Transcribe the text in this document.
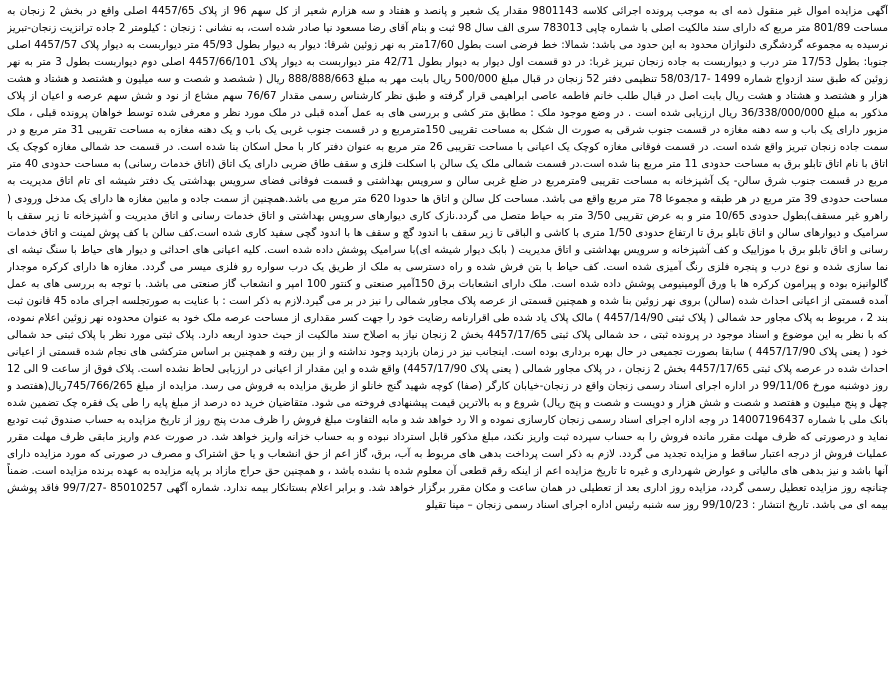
آگهی مزایده اموال غیر منقول ذمه ای به موجب پرونده اجرائی کلاسه 9801143 مقدار یک شعیر و پانصد و هفتاد و سه هزارم شعیر از کل سهم 96 از پلاک 4457/65 اصلی واقع در بخش 2 زنجان به مساحت 801/89 متر مربع که دارای سند مالکیت اصلی با شماره چاپی 783013 سری الف سال 98 ثبت و بنام آقای رضا مسعود نیا صادر شده است، به نشانی : زنجان : کیلومتر 2 جاده ترانزیت زنجان-تبریز نرسیده به مجموعه گردشگری دلنوازان محدود به این حدود می باشد: شمالا: خط فرضی است بطول 17/60متر به نهر زوئین شرقا: دیوار به دیوار بطول 45/93 متر دیواربست به دیوار پلاک 4457/57 اصلی جنوبا: بطول 17/53 متر درب و دیواربست به جاده زنجان تبریز غربا: در دو قسمت اول دیوار به دیوار بطول 42/71 متر دیواربست به دیوار پلاک 4457/66/101 اصلی دوم دیواربست بطول 3 متر به نهر زوئین که طبق سند ازدواج شماره 1499 -58/03/17 تنظیمی دفتر 52 زنجان در قبال مبلغ 500/000 ریال بابت مهر به مبلغ 888/888/663 ریال ( ششصد و شصت و سه میلیون و هشتصد و هشتاد و هشت هزار و هشتصد و هشتاد و هشت ریال بابت اصل در قبال طلب خانم فاطمه عاصی ابراهیمی قرار گرفته و طبق نظر کارشناس رسمی مقدار 76/67 سهم مشاع از نود و شش سهم عرصه و اعیان از پلاک مذکور به مبلغ 36/338/000/000 ریال ارزیابی شده است . در وضع موجود ملک : مطابق متر کشی و بررسی های به عمل آمده قبلی در ملک مورد نظر و معرفی شده توسط خواهان پرونده قبلی ، ملک مزبور دارای یک باب و سه دهنه مغازه در قسمت جنوب شرقی به صورت ال شکل به مساحت تقریبی 150مترمربع و در قسمت جنوب غربی یک باب و یک دهنه مغازه به مساحت تقریبی 31 متر مربع و در سمت جاده زنجان تبریز واقع شده است. در قسمت فوقانی مغازه کوچک یک اعیانی با مساحت تقریبی 26 متر مربع به عنوان دفتر کار با محل اسکان بنا شده است. در قسمت حد شمالی مغازه کوچک یک اتاق با نام اتاق تابلو برق به مساحت حدودی 11 متر مربع بنا شده است.در قسمت شمالی ملک یک سالن با اسکلت فلزی و سقف طاق ضربی دارای یک اتاق (اتاق خدمات رسانی) به مساحت حدودی 40 متر مربع در قسمت جنوب شرق سالن- یک آشپزخانه به مساحت تقریبی 9مترمربع در ضلع غربی سالن و سرویس بهداشتی و قسمت فوقانی فضای سرویس بهداشتی یک دفتر شیشه ای تام اتاق مدیریت به مساحت حدودی 39 متر مربع در هر طبقه و مجموعا 78 متر مربع واقع می باشد. مساحت کل سالن و اتاق ها حدودا 620 متر مربع می باشد.همچنین از سمت جاده و مابین مغازه ها دارای یک مدخل ورودی ( راهرو غیر مسقف)بطول حدودی 10/65 متر و به عرض تقریبی 3/50 متر به حیاط متصل می گردد.نازک کاری دیوارهای سرویس بهداشتی و اتاق خدمات رسانی و اتاق مدیریت و آشپزخانه تا زیر سقف با سرامیک و دیوارهای سالن و اتاق تابلو برق تا ارتفاع حدودی 1/50 متری با کاشی و الباقی تا زیر سقف با اندود گچ و سقف ها با اندود گچی سفید کاری شده است.کف سالن با کف پوش لمینت و اتاق خدمات رسانی و اتاق تابلو برق با موزاییک و کف آشپزخانه و سرویس بهداشتی و اتاق مدیریت ( بابک دیوار شیشه ای)با سرامیک پوشش داده شده است. کلیه اعیانی های احداثی و دیوار های حیاط با سنگ تیشه ای نما سازی شده و نوع درب و پنجره فلزی رنگ آمیزی شده است. کف حیاط با بتن فرش شده و راه دسترسی به ملک از طریق یک درب سواره رو فلزی میسر می گردد. مغازه ها دارای کرکره موجدار گالوانیزه بوده و پیرامون کرکره ها با ورق آلومینیومی پوشش داده شده است. ملک دارای انشعابات برق 150آمپر صنعتی و کنتور 100 امپر و انشعاب گاز صنعتی می باشد. با توجه به بررسی های به عمل آمده قسمتی از اعیانی احداث شده (سالن) بروی نهر زوئین بنا شده و همچنین قسمتی از عرصه پلاک مجاور شمالی را نیز در بر می گیرد.لازم به ذکر است : با عنایت به صورتجلسه اجرای ماده 45 قانون ثبت بند 2 ، مربوط به پلاک مجاور حد شمالی ( پلاک ثبتی 4457/14/90 ) مالک پلاک یاد شده طی اقرارنامه رضایت خود را جهت کسر مقداری از مساحت عرصه ملک خود به عنوان محدوده نهر زوئین اعلام نموده، که با نظر به این موضوع و اسناد موجود در پرونده ثبتی ، حد شمالی پلاک ثبتی 4457/17/65 بخش 2 زنجان نیاز به اصلاح سند مالکیت از حیث حدود اربعه دارد. پلاک ثبتی مورد نظر با پلاک ثبتی حد شمالی خود ( یعنی پلاک 4457/17/90 ) سابقا بصورت تجمیعی در حال بهره برداری بوده است. اینجانب نیز در زمان بازدید وجود نداشته و از بین رفته و همچنین بر اساس مترکشی های نجام شده قسمتی از اعیانی احداث شده در عرصه پلاک ثبتی 4457/17/65 بخش 2 زنجان ، در پلاک مجاور شمالی ( یعنی پلاک 4457/17/90) واقع شده و این مقدار از اعیانی در ارزیابی لحاظ نشده است. پلاک فوق از ساعت 9 الی 12 روز دوشنبه مورخ 99/11/06 در اداره اجرای اسناد رسمی زنجان واقع در زنجان-خیابان کارگر (صفا) کوچه شهید گنج خانلو از طریق مزایده به فروش می رسد. مزایده از مبلغ 745/766/265ریال(هفتصد و چهل و پنج میلیون و هفتصد و شصت و شش هزار و دویست و شصت و پنج ریال) شروع و به بالاترین قیمت پیشنهادی فروخته می شود. متقاضیان خرید ده درصد از مبلغ پایه را طی یک فقره چک تضمین شده بانک ملی با شماره 14007196437 در وجه اداره اجرای اسناد رسمی زنجان کارسازی نموده و الا رد خواهد شد و مابه التفاوت مبلغ فروش را ظرف مدت پنج روز از تاریخ مزایده به حساب صندوق ثبت تودیع نماید و درصورتی که ظرف مهلت مقرر مانده فروش را به حساب سپرده ثبت واریز نکند، مبلغ مذکور قابل استرداد نبوده و به حساب خزانه واریز خواهد شد. در صورت عدم واریز مابقی ظرف مهلت مقرر عملیات فروش از درجه اعتبار ساقط و مزایده تجدید می گردد. لازم به ذکر است پرداخت بدهی های مربوط به آب، برق، گاز اعم از حق انشعاب و یا حق اشتراک و مصرف در صورتی که مورد مزایده دارای آنها باشد و نیز بدهی های مالیاتی و عوارض شهرداری و غیره تا تاریخ مزایده اعم از اینکه رقم قطعی آن معلوم شده یا نشده باشد ، و همچنین حق حراج مازاد بر پایه مزایده به عهده برنده مزایده است. ضمناً چنانچه روز مزایده تعطیل رسمی گردد، مزایده روز اداری بعد از تعطیلی در همان ساعت و مکان مقرر برگزار خواهد شد. و برابر اعلام بستانکار بیمه ندارد. شماره آگهی 85010257 -99/7/27 فاقد پوشش بیمه ای می باشد. تاریخ انتشار : 99/10/23 روز سه شنبه رئیس اداره اجرای اسناد رسمی زنجان – مینا تقیلو
